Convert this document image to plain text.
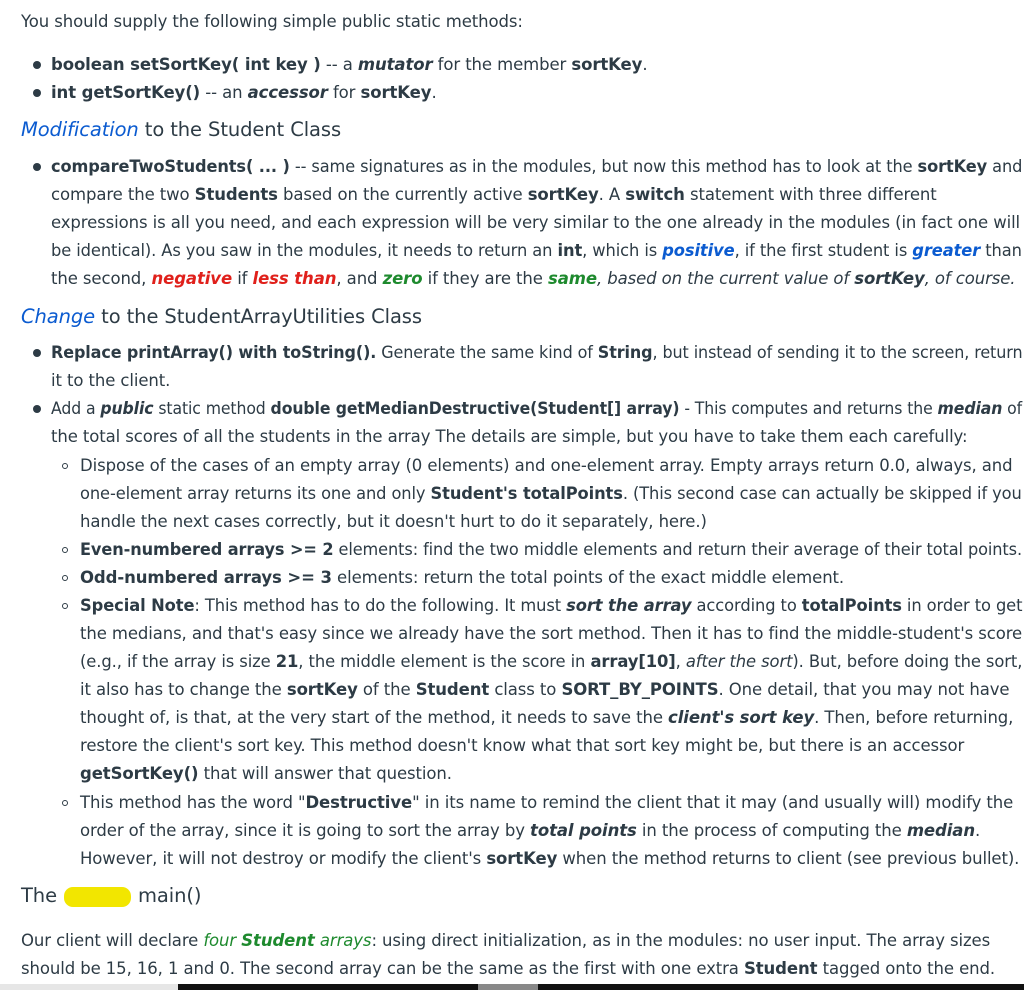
You should supply the following simple public static methods:
boolean setSortKey( int key ) -- a mutator for the member sortKey.
int getSortKey() -- an accessor for sortKey.
Modification to the Student Class
compareTwoStudents( ... ) -- same signatures as in the modules, but now this method has to look at the sortKey and
compare the two Students based on the currently active sortKey. A switch statement with three different
expressions is all you need, and each expression will be very similar to the one already in the modules (in fact one will
be identical). As you saw in the modules, it needs to return an int, which is positive, if the first student is greater than
the second, negative if less than, and zero if they are the same, based on the current value of sortKey, of course.
Change to the StudentArrayUtilities Class
Replace printArray() with toString(). Generate the same kind of String, but instead of sending it to the screen, return
it to the client.
Add a public static method double getMedianDestructive(Student[] array) - This computes and returns the median of
the total scores of all the students in the array The details are simple, but you have to take them each carefully:
Dispose of the cases of an empty array (0 elements) and one-element array. Empty arrays return 0.0, always, and
one-element array returns its one and only Student's totalPoints. (This second case can actually be skipped if you
handle the next cases correctly, but it doesn't hurt to do it separately, here.)
Even-numbered arrays >= 2 elements: find the two middle elements and return their average of their total points.
Odd-numbered arrays >= 3 elements: return the total points of the exact middle element.
Special Note: This method has to do the following. It must sort the array according to totalPoints in order to get
the medians, and that's easy since we already have the sort method. Then it has to find the middle-student's score
(e.g., if the array is size 21, the middle element is the score in array[10], after the sort). But, before doing the sort,
it also has to change the sortKey of the Student class to SORT_BY_POINTS. One detail, that you may not have
thought of, is that, at the very start of the method, it needs to save the client's sort key. Then, before returning,
restore the client's sort key. This method doesn't know what that sort key might be, but there is an accessor
getSortKey() that will answer that question.
This method has the word "Destructive" in its name to remind the client that it may (and usually will) modify the
order of the array, since it is going to sort the array by total points in the process of computing the median.
However, it will not destroy or modify the client's sortKey when the method returns to client (see previous bullet).
The	main()
Our client will declare four Student arrays: using direct initialization, as in the modules: no user input. The array sizes
should be 15, 16, 1 and 0. The second array can be the same as the first with one extra Student tagged onto the end.
